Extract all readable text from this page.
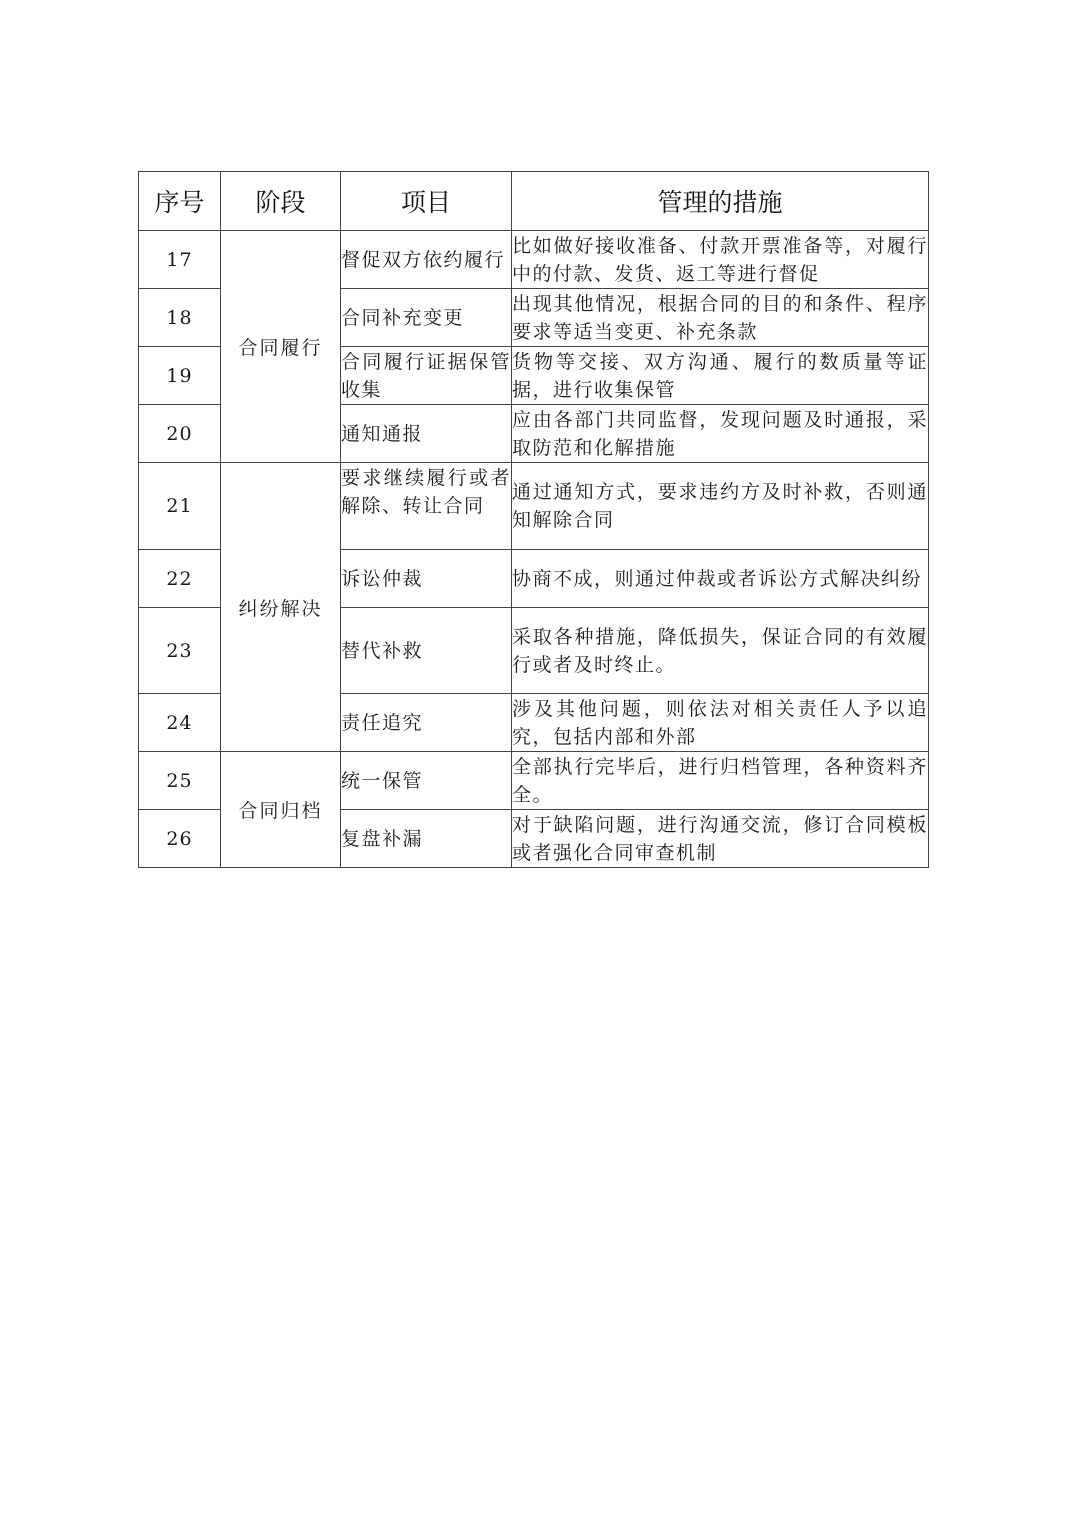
序号	阶段	项目	管理的措施
17	合同履行	督促双方依约履行	比如做好接收准备、付款开票准备等，对履行中的付款、发货、返工等进行督促
18		合同补充变更	出现其他情况，根据合同的目的和条件、程序要求等适当变更、补充条款
19		合同履行证据保管收集	货物等交接、双方沟通、履行的数质量等证据，进行收集保管
20		通知通报	应由各部门共同监督，发现问题及时通报，采取防范和化解措施
21	纠纷解决	要求继续履行或者解除、转让合同	通过通知方式，要求违约方及时补救，否则通知解除合同
22		诉讼仲裁	协商不成，则通过仲裁或者诉讼方式解决纠纷
23		替代补救	采取各种措施，降低损失，保证合同的有效履行或者及时终止。
24		责任追究	涉及其他问题，则依法对相关责任人予以追究，包括内部和外部
25	合同归档	统一保管	全部执行完毕后，进行归档管理，各种资料齐全。
26		复盘补漏	对于缺陷问题，进行沟通交流，修订合同模板或者强化合同审查机制
